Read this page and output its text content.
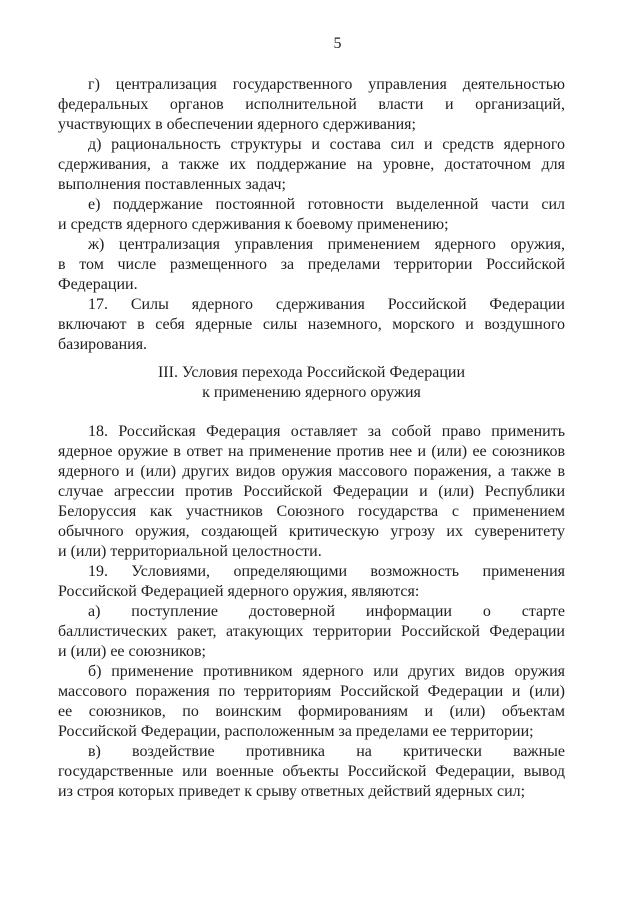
5
г) централизация государственного управления деятельностью
федеральных органов исполнительной власти и организаций,
участвующих в обеспечении ядерного сдерживания;
д) рациональность структуры и состава сил и средств ядерного
сдерживания, а также их поддержание на уровне, достаточном для
выполнения поставленных задач;
е) поддержание постоянной готовности выделенной части сил
и средств ядерного сдерживания к боевому применению;
ж) централизация управления применением ядерного оружия,
в том числе размещенного за пределами территории Российской
Федерации.
17. Силы ядерного сдерживания Российской Федерации
включают в себя ядерные силы наземного, морского и воздушного
базирования.
III. Условия перехода Российской Федерации
к применению ядерного оружия
18. Российская Федерация оставляет за собой право применить
ядерное оружие в ответ на применение против нее и (или) ее союзников
ядерного и (или) других видов оружия массового поражения, а также в
случае агрессии против Российской Федерации и (или) Республики
Белоруссия как участников Союзного государства с применением
обычного оружия, создающей критическую угрозу их суверенитету
и (или) территориальной целостности.
19. Условиями, определяющими возможность применения
Российской Федерацией ядерного оружия, являются:
а) поступление достоверной информации о старте
баллистических ракет, атакующих территории Российской Федерации
и (или) ее союзников;
б) применение противником ядерного или других видов оружия
массового поражения по территориям Российской Федерации и (или)
ее союзников, по воинским формированиям и (или) объектам
Российской Федерации, расположенным за пределами ее территории;
в) воздействие противника на критически важные
государственные или военные объекты Российской Федерации, вывод
из строя которых приведет к срыву ответных действий ядерных сил;
